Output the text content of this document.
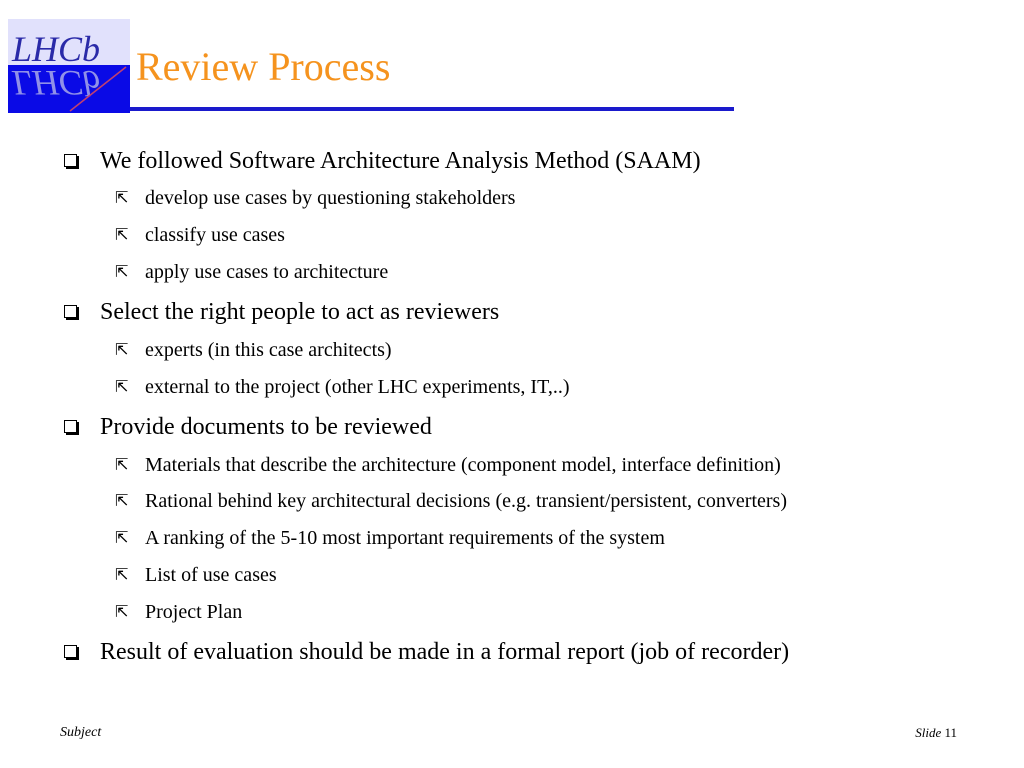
LHCb
LHCb Review Process
We followed Software Architecture Analysis Method (SAAM)
⇱ develop use cases by questioning stakeholders
⇱ classify use cases
⇱ apply use cases to architecture
Select the right people to act as reviewers
⇱ experts (in this case architects)
⇱ external to the project (other LHC experiments, IT,..)
Provide documents to be reviewed
⇱ Materials that describe the architecture (component model, interface definition)
⇱ Rational behind key architectural decisions (e.g. transient/persistent, converters)
⇱ A ranking of the 5-10 most important requirements of the system
⇱ List of use cases
⇱ Project Plan
Result of evaluation should be made in a formal report (job of recorder)
Subject	Slide 11
